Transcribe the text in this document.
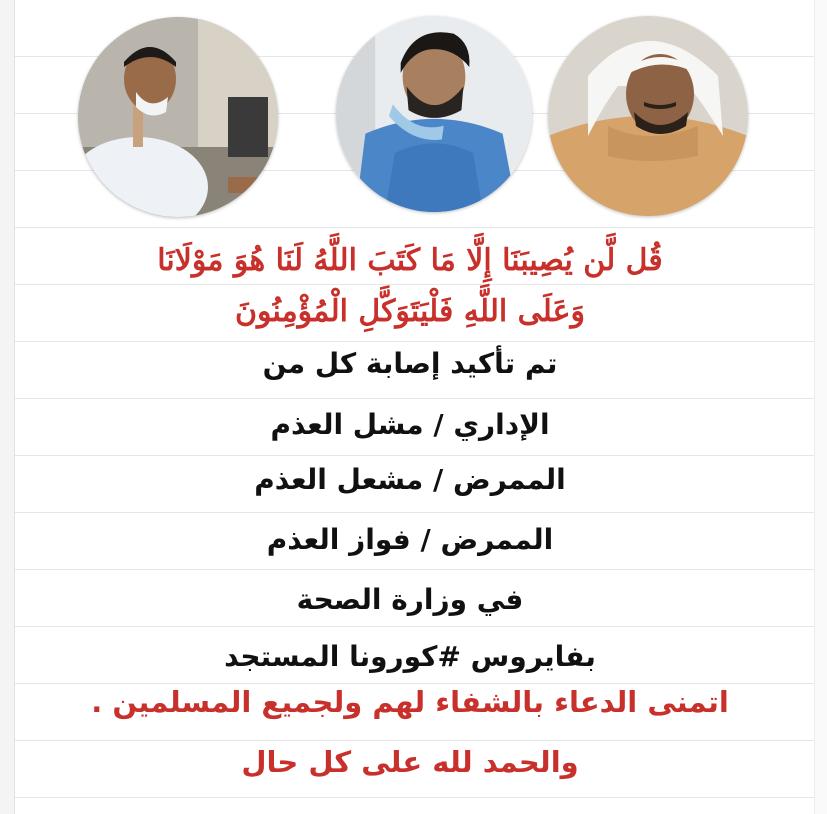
قُل لَّن يُصِيبَنَا إِلَّا مَا كَتَبَ اللَّهُ لَنَا هُوَ مَوْلَانَا
وَعَلَى اللَّهِ فَلْيَتَوَكَّلِ الْمُؤْمِنُونَ
تم تأكيد إصابة كل من
الإداري / مشل العذم
الممرض / مشعل العذم
الممرض / فواز العذم
في وزارة الصحة
بفايروس #كورونا المستجد
اتمنى الدعاء بالشفاء لهم ولجميع المسلمين .
والحمد لله على كل حال
